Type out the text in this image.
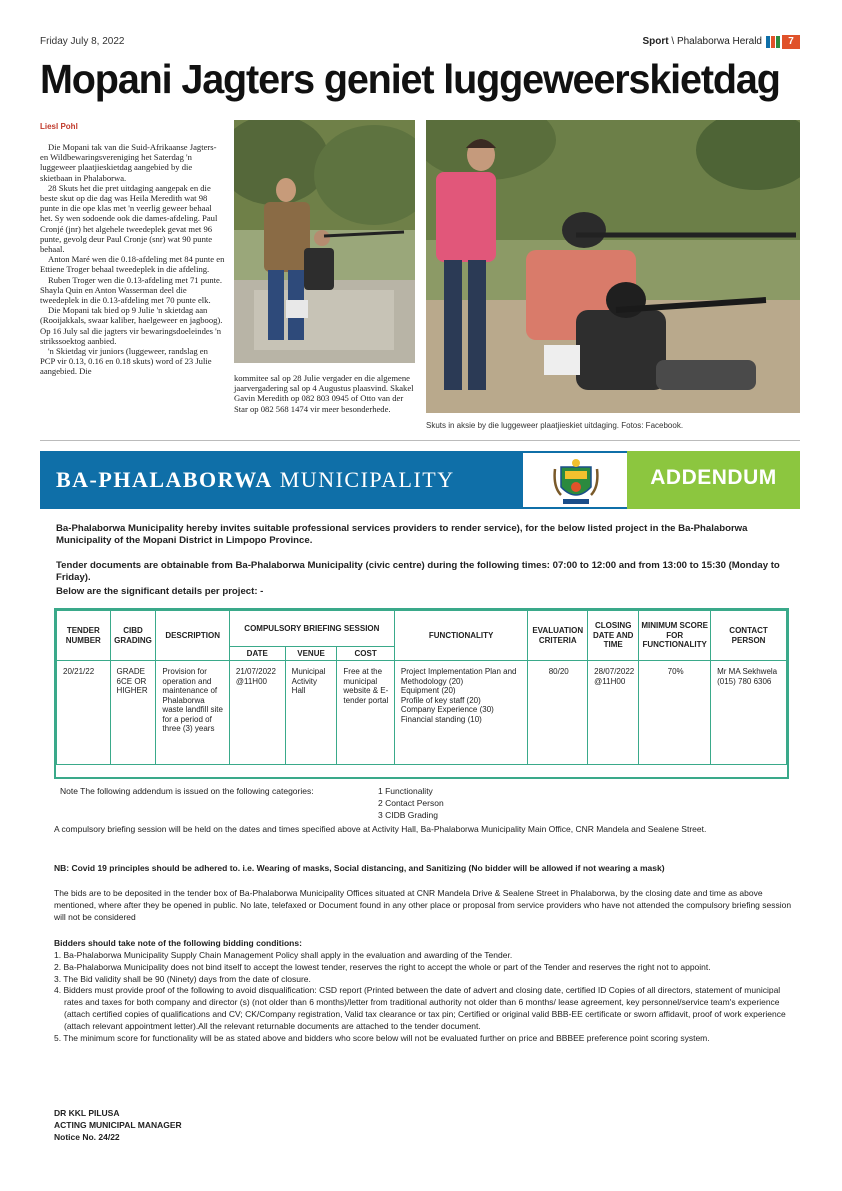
Friday July 8, 2022	Sport \ Phalaborwa Herald	7
Mopani Jagters geniet luggeweerskietdag
Liesl Pohl

Die Mopani tak van die Suid-Afrikaanse Jagters- en Wildbewaringsvereniging het Saterdag 'n luggeweer plaatjieskietdag aangebied by die skietbaan in Phalaborwa.

28 Skuts het die pret uitdaging aangepak en die beste skut op die dag was Heila Meredith wat 98 punte in die ope klas met 'n veerlig geweer behaal het. Sy wen sodoende ook die dames-afdeling. Paul Cronjé (jnr) het algehele tweedeplek gevat met 96 punte, gevolg deur Paul Cronje (snr) wat 90 punte behaal.

Anton Maré wen die 0.18-afdeling met 84 punte en Ettiene Troger behaal tweedeplek in die afdeling.

Ruben Troger wen die 0.13-afdeling met 71 punte. Shayla Quin en Anton Wasserman deel die tweedeplek in die 0.13-afdeling met 70 punte elk.

Die Mopani tak bied op 9 Julie 'n skietdag aan (Rooijakkals, swaar kaliber, haelgeweer en jagboog). Op 16 July sal die jagters vir bewaringsdoeleindes 'n strikssoektog aanbied.

'n Skietdag vir juniors (luggeweer, randslag en PCP vir 0.13, 0.16 en 0.18 skuts) word of 23 Julie aangebied. Die

kommitee sal op 28 Julie vergader en die algemene jaarvergadering sal op 4 Augustus plaasvind. Skakel Gavin Meredith op 082 803 0945 of Otto van der Star op 082 568 1474 vir meer besonderhede.

Skuts in aksie by die luggeweer plaatjieskiet uitdaging. Fotos: Facebook.
BA-PHALABORWA MUNICIPALITY	ADDENDUM
Ba-Phalaborwa Municipality hereby invites suitable professional services providers to render service), for the below listed project in the Ba-Phalaborwa Municipality of the Mopani District in Limpopo Province.
Tender documents are obtainable from Ba-Phalaborwa Municipality (civic centre) during the following times: 07:00 to 12:00 and from 13:00 to 15:30 (Monday to Friday).
Below are the significant details per project: -
TENDER NUMBER	CIBD GRADING	DESCRIPTION	COMPULSORY BRIEFING SESSION			FUNCTIONALITY	EVALUATION CRITERIA	CLOSING DATE AND TIME	MINIMUM SCORE FOR FUNCTIONALITY	CONTACT PERSON
			DATE	VENUE	COST					
20/21/22	GRADE 6CE OR HIGHER	Provision for operation and maintenance of Phalaborwa waste landfill site for a period of three (3) years	21/07/2022 @11H00	Municipal Activity Hall	Free at the municipal website & E-tender portal	Project Implementation Plan and Methodology (20)
Equipment (20)
Profile of key staff (20)
Company Experience (30)
Financial standing (10)	80/20	28/07/2022 @11H00	70%	Mr MA Sekhwela (015) 780 6306
Note The following addendum is issued on the following categories:	1 Functionality
2 Contact Person
3 CIDB Grading
A compulsory briefing session will be held on the dates and times specified above at Activity Hall, Ba-Phalaborwa Municipality Main Office, CNR Mandela and Sealene Street.
NB: Covid 19 principles should be adhered to. i.e. Wearing of masks, Social distancing, and Sanitizing (No bidder will be allowed if not wearing a mask)
The bids are to be deposited in the tender box of Ba-Phalaborwa Municipality Offices situated at CNR Mandela Drive & Sealene Street in Phalaborwa, by the closing date and time as above mentioned, where after they be opened in public. No late, telefaxed or Document found in any other place or proposal from service providers who have not attended the compulsory briefing session will not be considered
Bidders should take note of the following bidding conditions:
1. Ba-Phalaborwa Municipality Supply Chain Management Policy shall apply in the evaluation and awarding of the Tender.
2. Ba-Phalaborwa Municipality does not bind itself to accept the lowest tender, reserves the right to accept the whole or part of the Tender and reserves the right not to appoint.
3. The Bid validity shall be 90 (Ninety) days from the date of closure.
4. Bidders must provide proof of the following to avoid disqualification: CSD report (Printed between the date of advert and closing date, certified ID Copies of all directors, statement of municipal rates and taxes for both company and director (s) (not older than 6 months)/letter from traditional authority not older than 6 months/ lease agreement, key personnel/service team's experience (attach certified copies of qualifications and CV; CK/Company registration, Valid tax clearance or tax pin; Certified or original valid BBB-EE certificate or sworn affidavit, proof of work experience (attach relevant appointment letter).All the relevant returnable documents are attached to the tender document.
5. The minimum score for functionality will be as stated above and bidders who score below will not be evaluated further on price and BBBEE preference point scoring system.
DR KKL PILUSA
ACTING MUNICIPAL MANAGER
Notice No. 24/22
